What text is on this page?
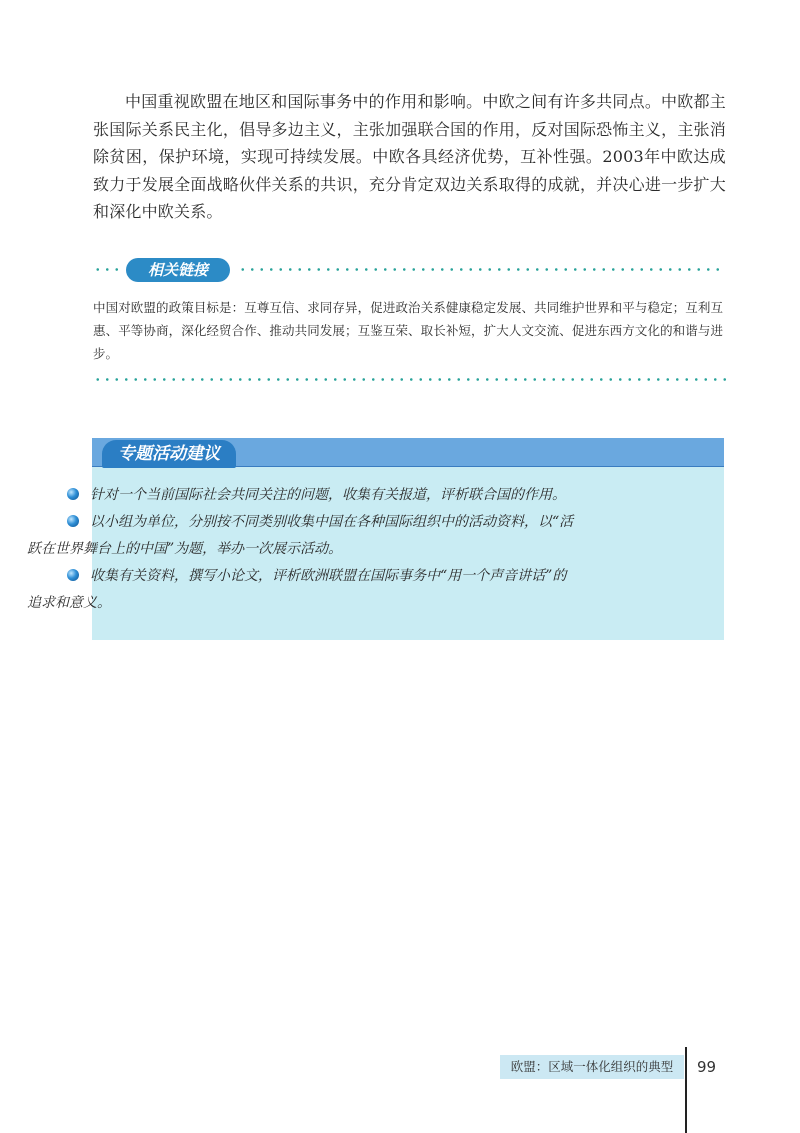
中国重视欧盟在地区和国际事务中的作用和影响。中欧之间有许多共同点。中欧都主张国际关系民主化，倡导多边主义，主张加强联合国的作用，反对国际恐怖主义，主张消除贫困，保护环境，实现可持续发展。中欧各具经济优势，互补性强。2003年中欧达成致力于发展全面战略伙伴关系的共识，充分肯定双边关系取得的成就，并决心进一步扩大和深化中欧关系。

相关链接

中国对欧盟的政策目标是：互尊互信、求同存异，促进政治关系健康稳定发展、共同维护世界和平与稳定；互利互惠、平等协商，深化经贸合作、推动共同发展；互鉴互荣、取长补短，扩大人文交流、促进东西方文化的和谐与进步。

专题活动建议

针对一个当前国际社会共同关注的问题，收集有关报道，评析联合国的作用。

以小组为单位，分别按不同类别收集中国在各种国际组织中的活动资料，以“活
跃在世界舞台上的中国”为题，举办一次展示活动。

收集有关资料，撰写小论文，评析欧洲联盟在国际事务中“用一个声音讲话”的
追求和意义。

欧盟：区域一体化组织的典型	99
